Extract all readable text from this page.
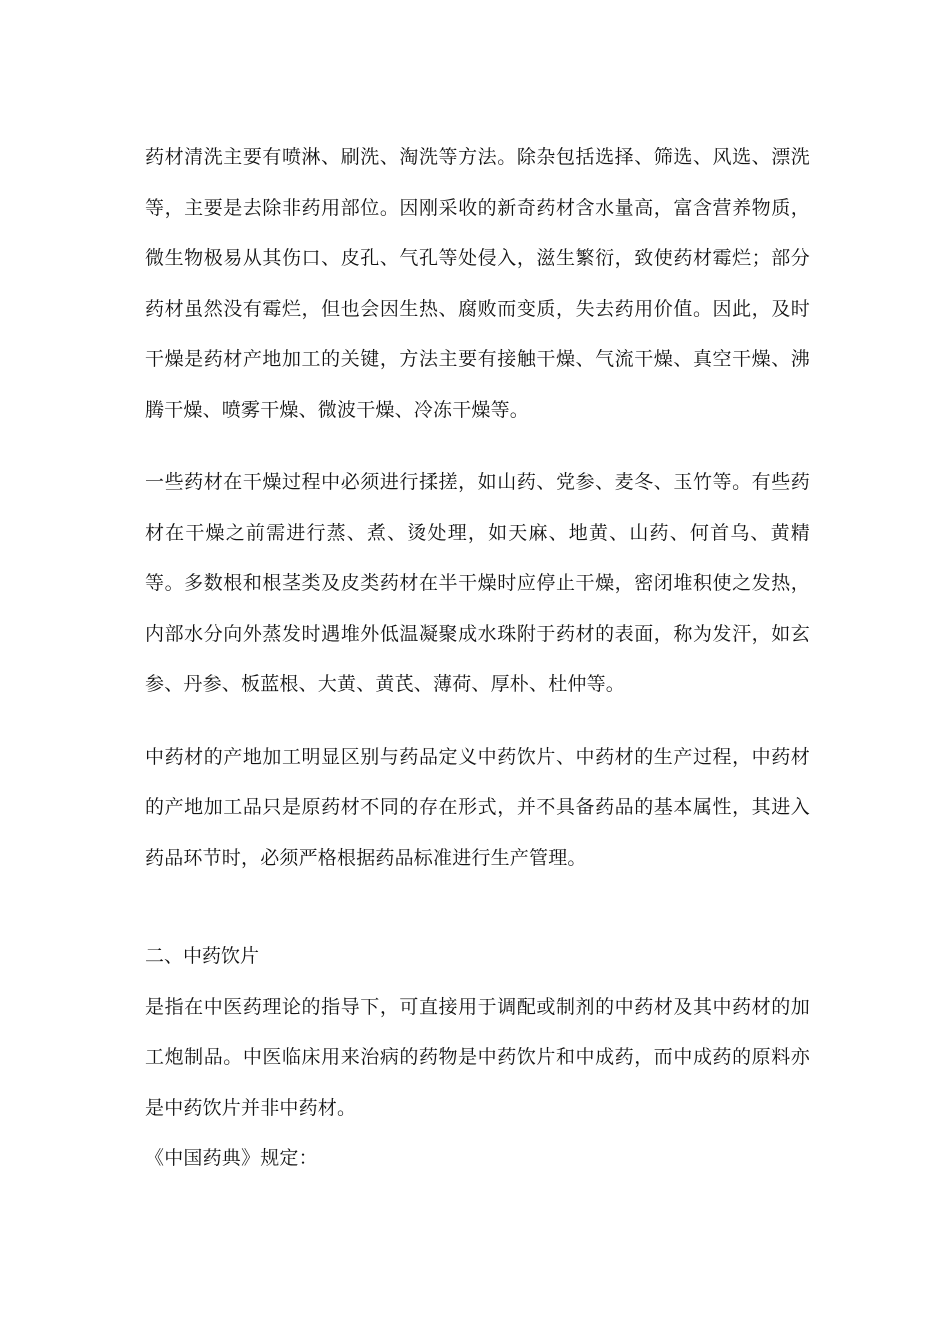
药材清洗主要有喷淋、刷洗、淘洗等方法。除杂包括选择、筛选、风选、漂洗等，主要是去除非药用部位。因刚采收的新奇药材含水量高，富含营养物质，微生物极易从其伤口、皮孔、气孔等处侵入，滋生繁衍，致使药材霉烂；部分药材虽然没有霉烂，但也会因生热、腐败而变质，失去药用价值。因此，及时干燥是药材产地加工的关键，方法主要有接触干燥、气流干燥、真空干燥、沸腾干燥、喷雾干燥、微波干燥、冷冻干燥等。

一些药材在干燥过程中必须进行揉搓，如山药、党参、麦冬、玉竹等。有些药材在干燥之前需进行蒸、煮、烫处理，如天麻、地黄、山药、何首乌、黄精等。多数根和根茎类及皮类药材在半干燥时应停止干燥，密闭堆积使之发热，内部水分向外蒸发时遇堆外低温凝聚成水珠附于药材的表面，称为发汗，如玄参、丹参、板蓝根、大黄、黄芪、薄荷、厚朴、杜仲等。

中药材的产地加工明显区别与药品定义中药饮片、中药材的生产过程，中药材的产地加工品只是原药材不同的存在形式，并不具备药品的基本属性，其进入药品环节时，必须严格根据药品标准进行生产管理。

二、中药饮片

是指在中医药理论的指导下，可直接用于调配或制剂的中药材及其中药材的加工炮制品。中医临床用来治病的药物是中药饮片和中成药，而中成药的原料亦是中药饮片并非中药材。

《中国药典》规定：
